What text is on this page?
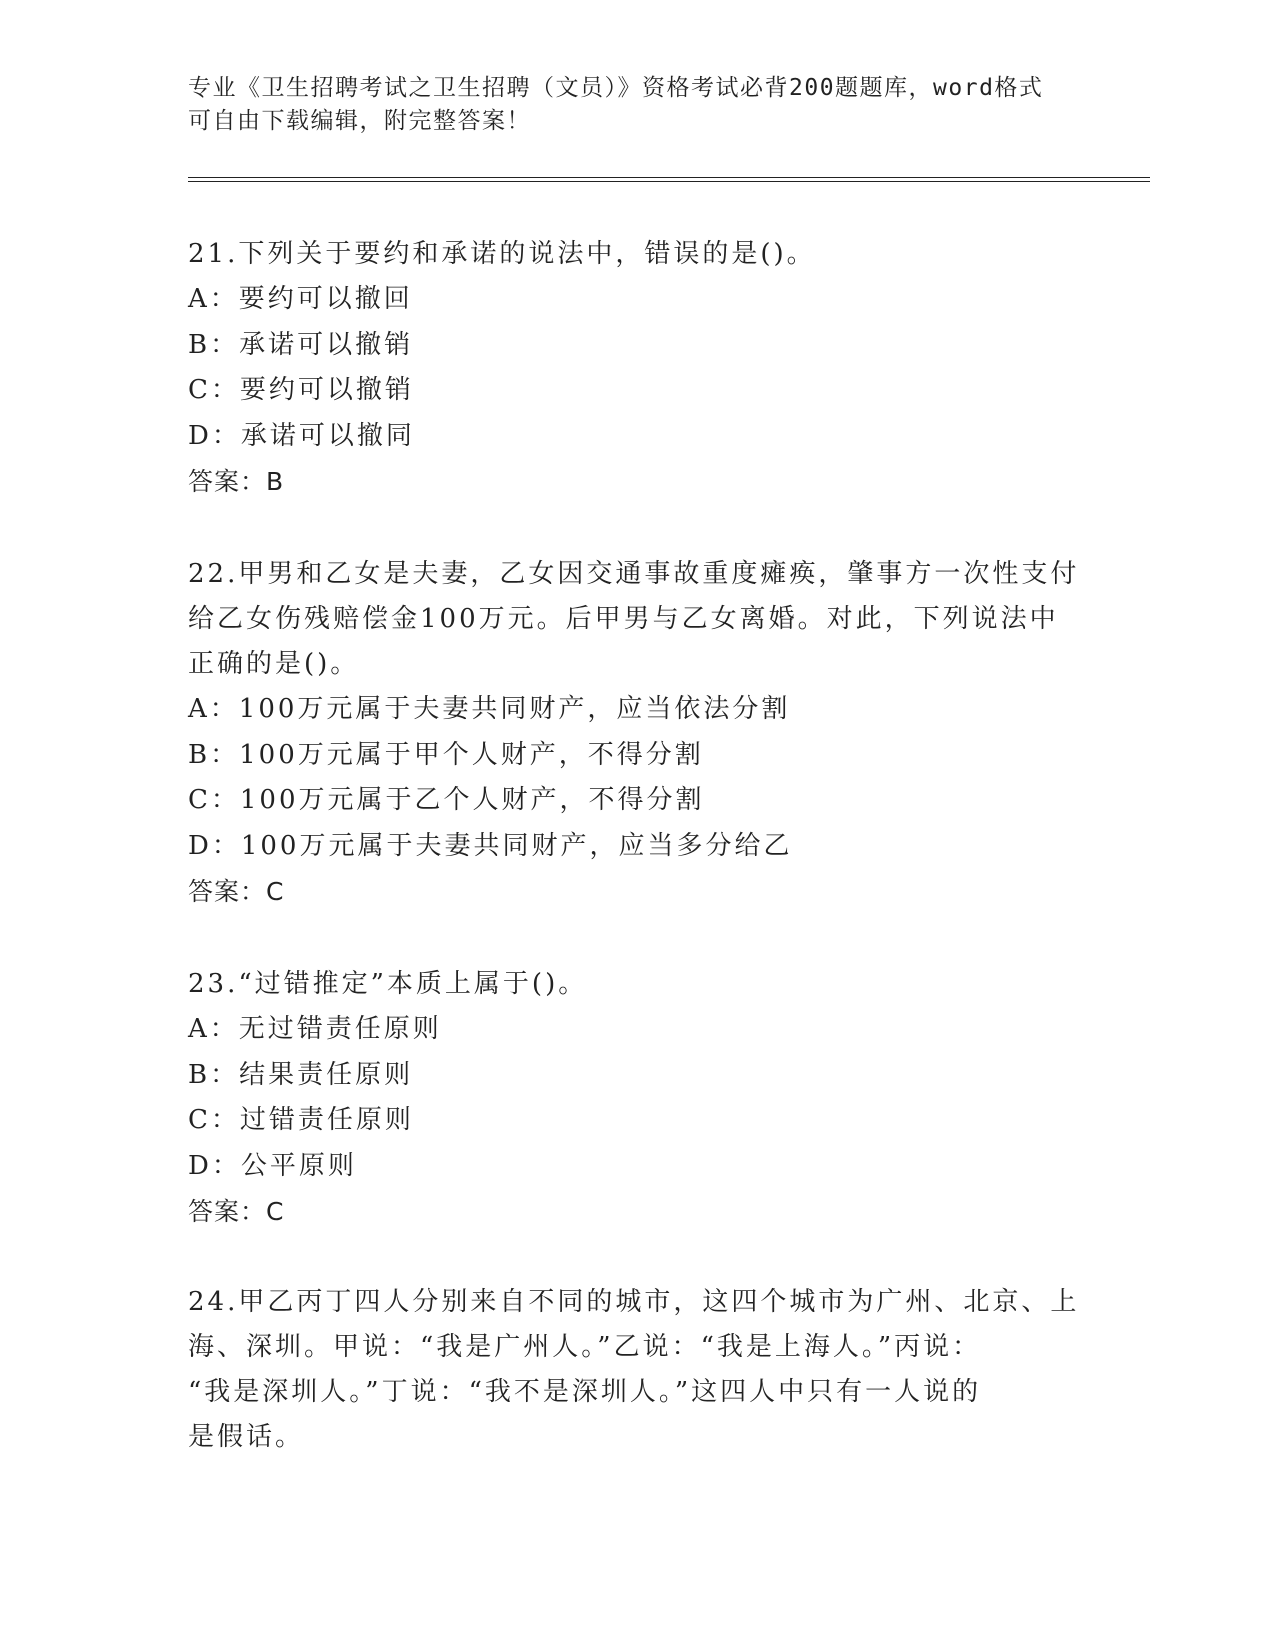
专业《卫生招聘考试之卫生招聘（文员）》资格考试必背200题题库，word格式
可自由下载编辑，附完整答案！

21.下列关于要约和承诺的说法中，错误的是()。

A：要约可以撤回

B：承诺可以撤销

C：要约可以撤销

D：承诺可以撤同

答案：B

22.甲男和乙女是夫妻，乙女因交通事故重度瘫痪，肇事方一次性支付

给乙女伤残赔偿金100万元。后甲男与乙女离婚。对此，下列说法中

正确的是()。

A：100万元属于夫妻共同财产，应当依法分割

B：100万元属于甲个人财产，不得分割

C：100万元属于乙个人财产，不得分割

D：100万元属于夫妻共同财产，应当多分给乙

答案：C

23.“过错推定”本质上属于()。

A：无过错责任原则

B：结果责任原则

C：过错责任原则

D：公平原则

答案：C

24.甲乙丙丁四人分别来自不同的城市，这四个城市为广州、北京、上

海、深圳。甲说：“我是广州人。”乙说：“我是上海人。”丙说：

“我是深圳人。”丁说：“我不是深圳人。”这四人中只有一人说的

是假话。
